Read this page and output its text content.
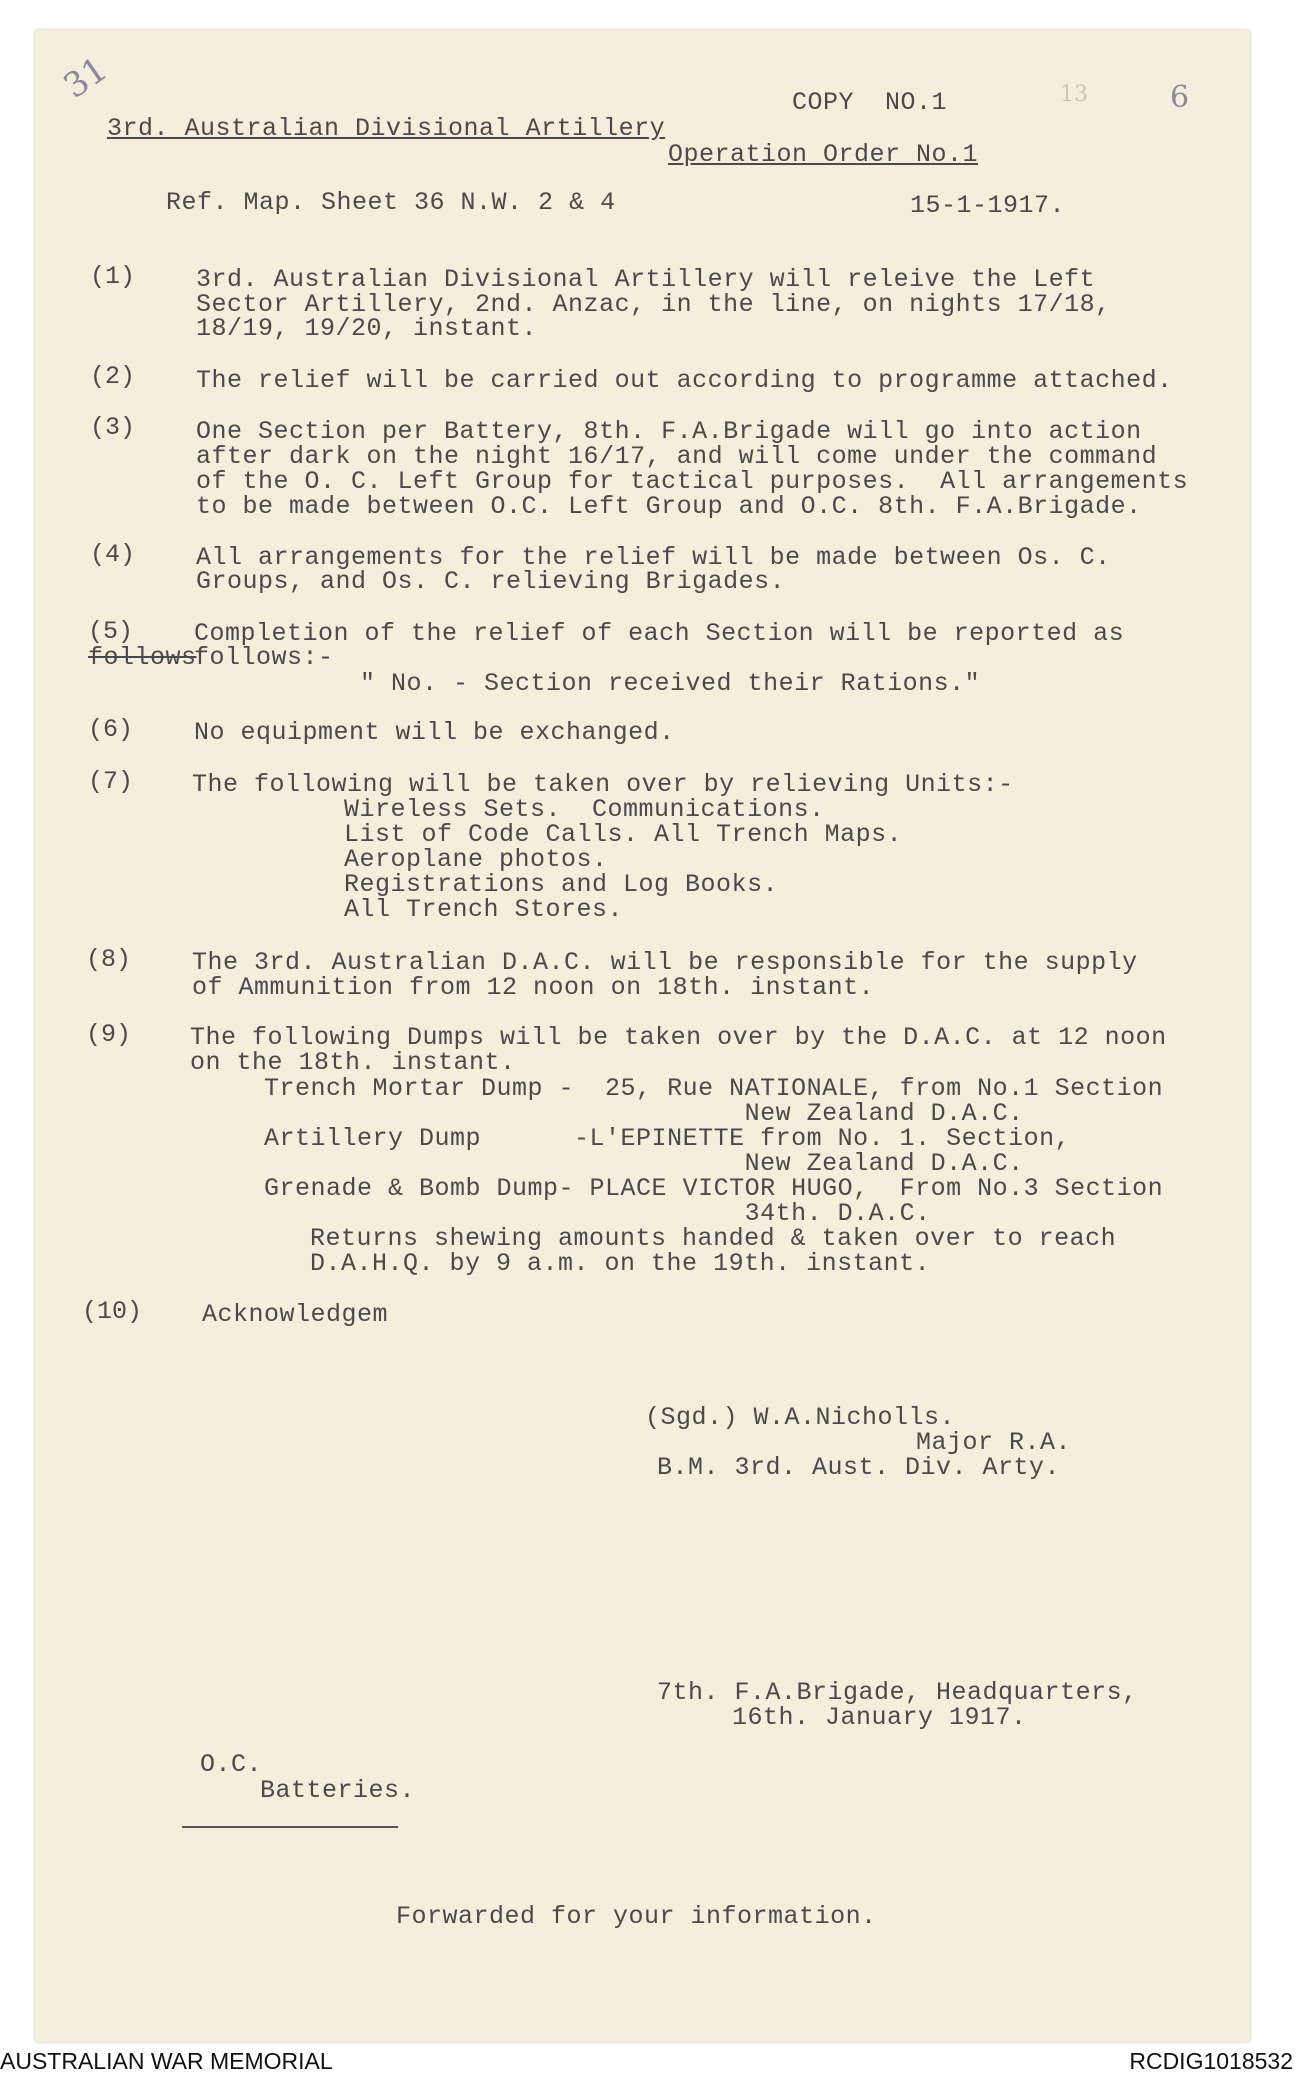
31	6
13
COPY  NO.1
3rd. Australian Divisional Artillery
Operation Order No.1
Ref. Map. Sheet 36 N.W. 2 & 4	15-1-1917.
(1) 3rd. Australian Divisional Artillery will releive the Left
Sector Artillery, 2nd. Anzac, in the line, on nights 17/18,
18/19, 19/20, instant.
(2) The relief will be carried out according to programme attached.
(3) One Section per Battery, 8th. F.A.Brigade will go into action
after dark on the night 16/17, and will come under the command
of the O. C. Left Group for tactical purposes.  All arrangements
to be made between O.C. Left Group and O.C. 8th. F.A.Brigade.
(4) All arrangements for the relief will be made between Os. C.
Groups, and Os. C. relieving Brigades.
(5) Completion of the relief of each Section will be reported as
follows
follows:-
" No. - Section received their Rations."
(6) No equipment will be exchanged.
(7) The following will be taken over by relieving Units:-
Wireless Sets.  Communications.
List of Code Calls. All Trench Maps.
Aeroplane photos.
Registrations and Log Books.
All Trench Stores.
(8) The 3rd. Australian D.A.C. will be responsible for the supply
of Ammunition from 12 noon on 18th. instant.
(9) The following Dumps will be taken over by the D.A.C. at 12 noon
on the 18th. instant.
Trench Mortar Dump -  25, Rue NATIONALE, from No.1 Section
New Zealand D.A.C.
Artillery Dump      -L'EPINETTE from No. 1. Section,
New Zealand D.A.C.
Grenade & Bomb Dump- PLACE VICTOR HUGO,  From No.3 Section
34th. D.A.C.
Returns shewing amounts handed & taken over to reach
D.A.H.Q. by 9 a.m. on the 19th. instant.
(10) Acknowledgem
(Sgd.) W.A.Nicholls.
Major R.A.
B.M. 3rd. Aust. Div. Arty.
7th. F.A.Brigade, Headquarters,
16th. January 1917.
O.C.
Batteries.
Forwarded for your information.
AUSTRALIAN WAR MEMORIAL	RCDIG1018532
